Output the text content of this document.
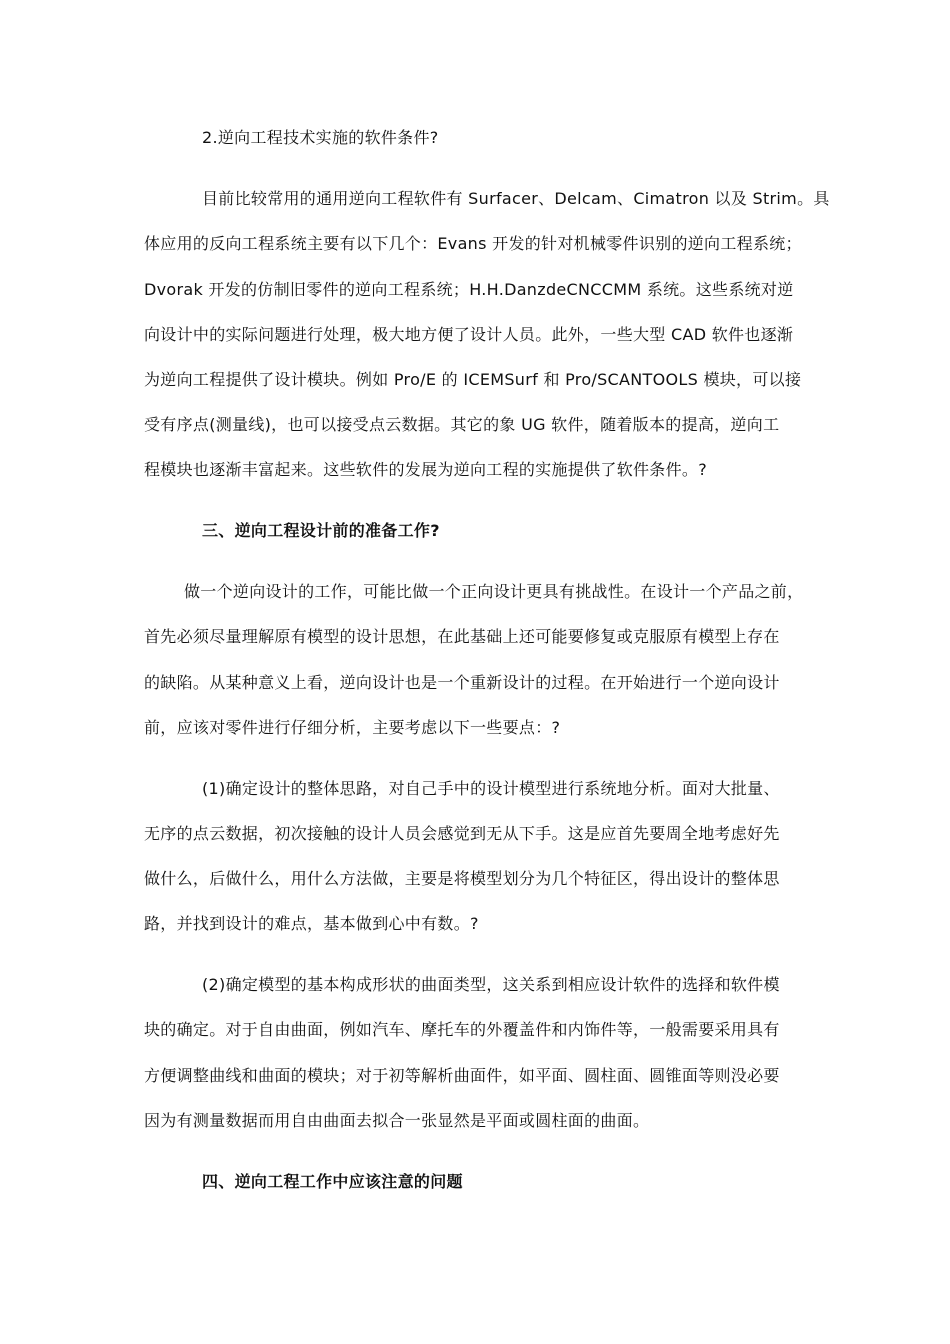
2.逆向工程技术实施的软件条件?
目前比较常用的通用逆向工程软件有 Surfacer、Delcam、Cimatron 以及 Strim。具
体应用的反向工程系统主要有以下几个：Evans 开发的针对机械零件识别的逆向工程系统；
Dvorak 开发的仿制旧零件的逆向工程系统；H.H.DanzdeCNCCMM 系统。这些系统对逆
向设计中的实际问题进行处理，极大地方便了设计人员。此外，一些大型 CAD 软件也逐渐
为逆向工程提供了设计模块。例如 Pro/E 的 ICEMSurf 和 Pro/SCANTOOLS 模块，可以接
受有序点(测量线)，也可以接受点云数据。其它的象 UG 软件，随着版本的提高，逆向工
程模块也逐渐丰富起来。这些软件的发展为逆向工程的实施提供了软件条件。?
三、逆向工程设计前的准备工作?
做一个逆向设计的工作，可能比做一个正向设计更具有挑战性。在设计一个产品之前，
首先必须尽量理解原有模型的设计思想，在此基础上还可能要修复或克服原有模型上存在
的缺陷。从某种意义上看，逆向设计也是一个重新设计的过程。在开始进行一个逆向设计
前，应该对零件进行仔细分析，主要考虑以下一些要点：?
(1)确定设计的整体思路，对自己手中的设计模型进行系统地分析。面对大批量、
无序的点云数据，初次接触的设计人员会感觉到无从下手。这是应首先要周全地考虑好先
做什么，后做什么，用什么方法做，主要是将模型划分为几个特征区，得出设计的整体思
路，并找到设计的难点，基本做到心中有数。?
(2)确定模型的基本构成形状的曲面类型，这关系到相应设计软件的选择和软件模
块的确定。对于自由曲面，例如汽车、摩托车的外覆盖件和内饰件等，一般需要采用具有
方便调整曲线和曲面的模块；对于初等解析曲面件，如平面、圆柱面、圆锥面等则没必要
因为有测量数据而用自由曲面去拟合一张显然是平面或圆柱面的曲面。
四、逆向工程工作中应该注意的问题
